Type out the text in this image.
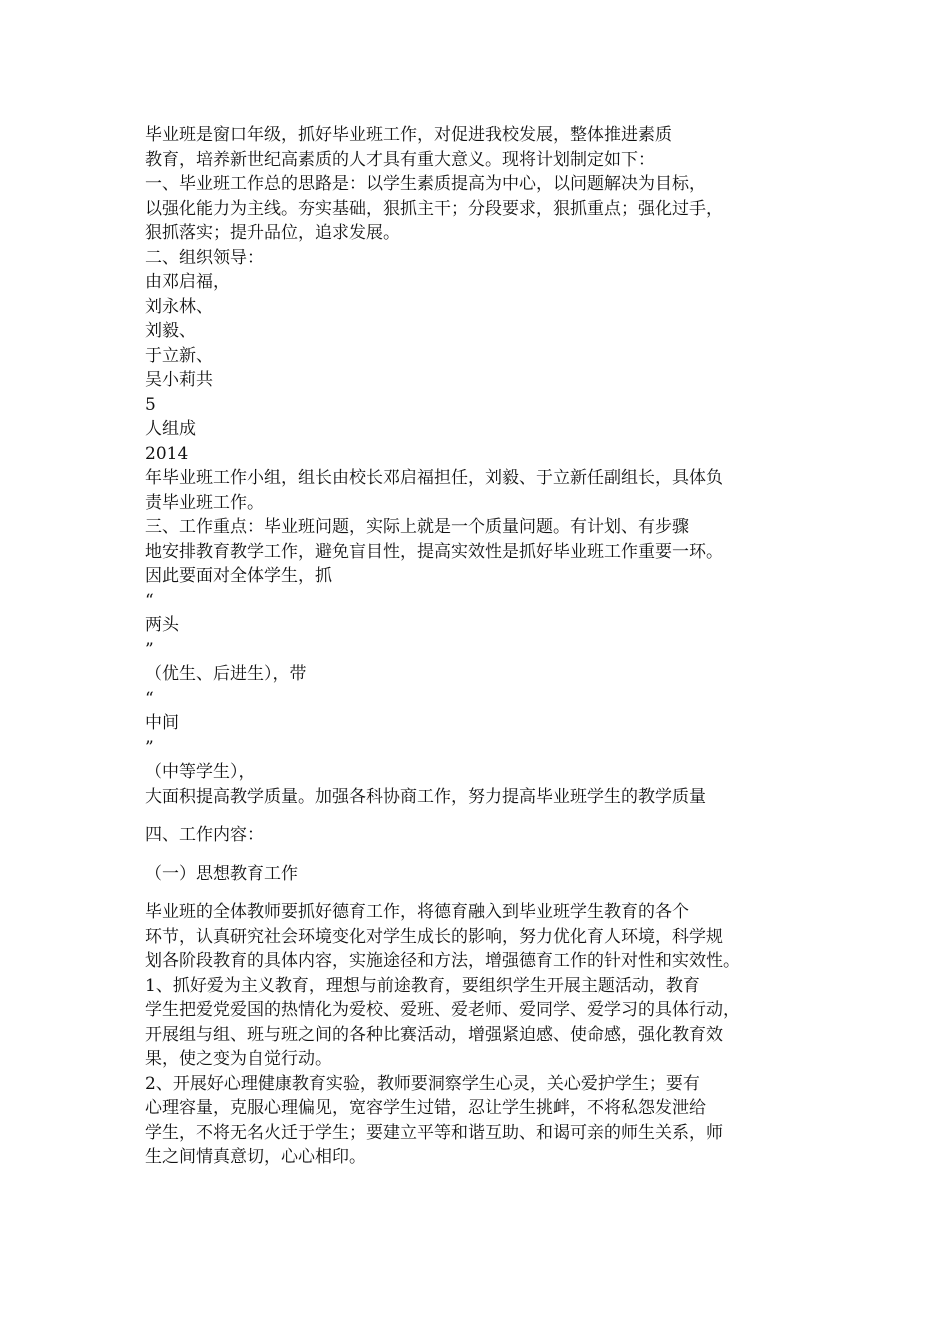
毕业班是窗口年级，抓好毕业班工作，对促进我校发展，整体推进素质
教育，培养新世纪高素质的人才具有重大意义。现将计划制定如下：
一、毕业班工作总的思路是：以学生素质提高为中心，以问题解决为目标，
以强化能力为主线。夯实基础，狠抓主干；分段要求，狠抓重点；强化过手，
狠抓落实；提升品位，追求发展。
二、组织领导：
由邓启福，
刘永林、
刘毅、
于立新、
吴小莉共
5
人组成
2014
年毕业班工作小组，组长由校长邓启福担任，刘毅、于立新任副组长，具体负
责毕业班工作。
三、工作重点：毕业班问题，实际上就是一个质量问题。有计划、有步骤
地安排教育教学工作，避免盲目性，提高实效性是抓好毕业班工作重要一环。
因此要面对全体学生，抓
“
两头
”
（优生、后进生），带
“
中间
”
（中等学生），
大面积提高教学质量。加强各科协商工作，努力提高毕业班学生的教学质量
四、工作内容：
（一）思想教育工作
毕业班的全体教师要抓好德育工作，将德育融入到毕业班学生教育的各个
环节，认真研究社会环境变化对学生成长的影响，努力优化育人环境，科学规
划各阶段教育的具体内容，实施途径和方法，增强德育工作的针对性和实效性。
1、抓好爱为主义教育，理想与前途教育，要组织学生开展主题活动，教育
学生把爱党爱国的热情化为爱校、爱班、爱老师、爱同学、爱学习的具体行动，
开展组与组、班与班之间的各种比赛活动，增强紧迫感、使命感，强化教育效
果，使之变为自觉行动。
2、开展好心理健康教育实验，教师要洞察学生心灵，关心爱护学生；要有
心理容量，克服心理偏见，宽容学生过错，忍让学生挑衅，不将私怨发泄给
学生，不将无名火迁于学生；要建立平等和谐互助、和谒可亲的师生关系，师
生之间情真意切，心心相印。
